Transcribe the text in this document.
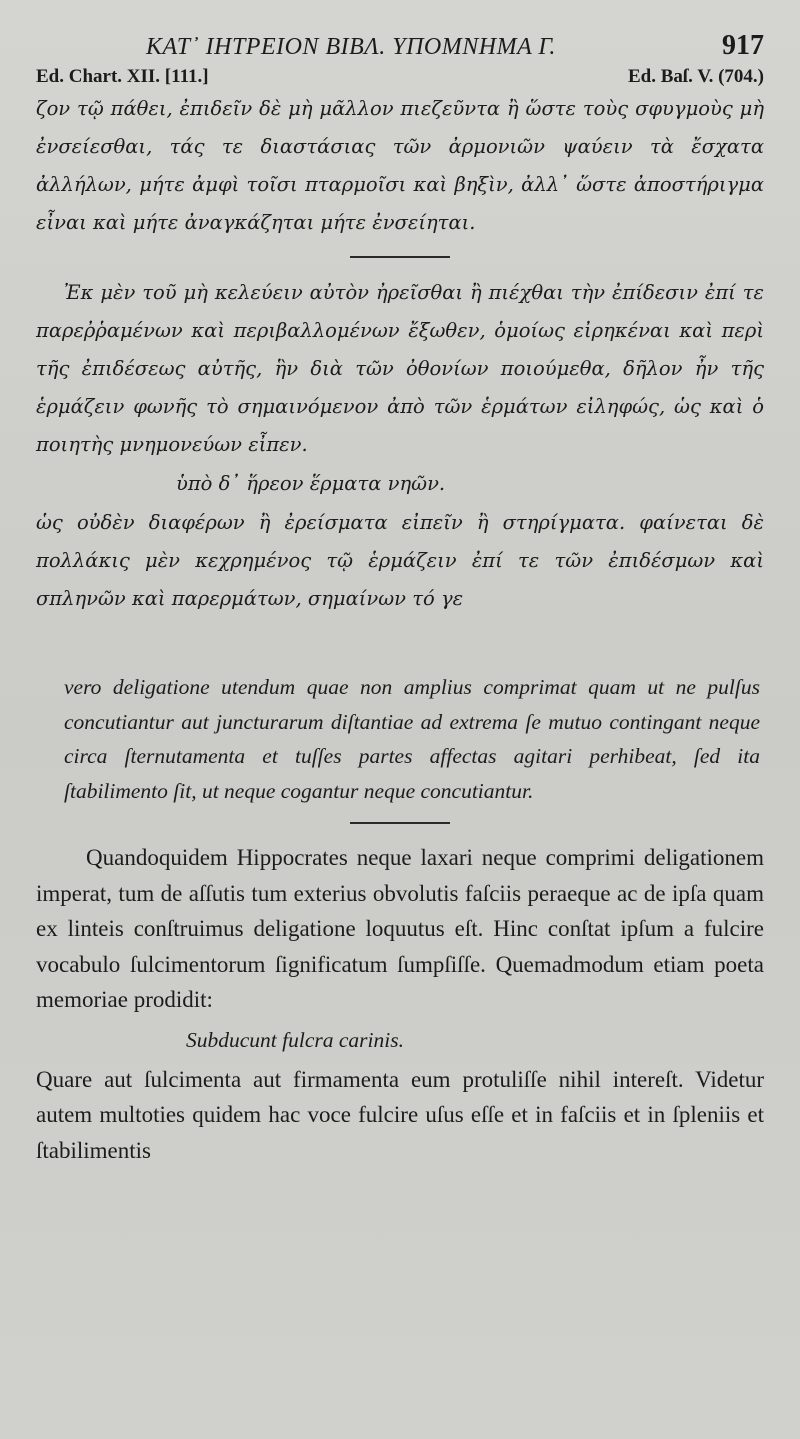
ΚΑΤ᾽ ΙΗΤΡΕΙΟΝ ΒΙΒΛ. ΥΠΟΜΝΗΜΑ Γ.	917
Ed. Chart. XII. [111.]	Ed. Baſ. V. (704.)

ζον τῷ πάθει, ἐπιδεῖν δὲ μὴ μᾶλλον πιεζεῦντα ἢ ὥστε τοὺς σφυγμοὺς μὴ ἐνσείεσθαι, τάς τε διαστάσιας τῶν ἀρμονιῶν ψαύειν τὰ ἔσχατα ἀλλήλων, μήτε ἀμφὶ τοῖσι πταρμοῖσι καὶ βηξὶν, ἀλλ᾽ ὥστε ἀποστήριγμα εἶναι καὶ μήτε ἀναγκάζηται μήτε ἐνσείηται.

Ἐκ μὲν τοῦ μὴ κελεύειν αὐτὸν ἠρεῖσθαι ἢ πιέχθαι τὴν ἐπίδεσιν ἐπί τε παρεῤῥαμένων καὶ περιβαλλομένων ἔξωθεν, ὁμοίως εἰρηκέναι καὶ περὶ τῆς ἐπιδέσεως αὐτῆς, ἣν διὰ τῶν ὀθονίων ποιούμεθα, δῆλον ἦν τῆς ἑρμάζειν φωνῆς τὸ σημαινόμενον ἀπὸ τῶν ἑρμάτων εἰληφώς, ὡς καὶ ὁ ποιητὴς μνημονεύων εἶπεν.

ὑπὸ δ᾽ ἥρεον ἕρματα νηῶν.

ὡς οὐδὲν διαφέρων ἢ ἐρείσματα εἰπεῖν ἢ στηρίγματα. φαίνεται δὲ πολλάκις μὲν κεχρημένος τῷ ἑρμάζειν ἐπί τε τῶν ἐπιδέσμων καὶ σπληνῶν καὶ παρερμάτων, σημαίνων τό γε

vero deligatione utendum quae non amplius comprimat quam ut ne pulſus concutiantur aut juncturarum diſtantiae ad extrema ſe mutuo contingant neque circa ſternutamenta et tuſſes partes affectas agitari perhibeat, ſed ita ſtabilimento ſit, ut neque cogantur neque concutiantur.

Quandoquidem Hippocrates neque laxari neque comprimi deligationem imperat, tum de aſſutis tum exterius obvolutis faſciis peraeque ac de ipſa quam ex linteis conſtruimus deligatione loquutus eſt. Hinc conſtat ipſum a fulcire vocabulo ſulcimentorum ſignificatum ſumpſiſſe. Quemadmodum etiam poeta memoriae prodidit:

Subducunt fulcra carinis.

Quare aut ſulcimenta aut firmamenta eum protuliſſe nihil intereſt. Videtur autem multoties quidem hac voce fulcire uſus eſſe et in faſciis et in ſpleniis et ſtabilimentis
